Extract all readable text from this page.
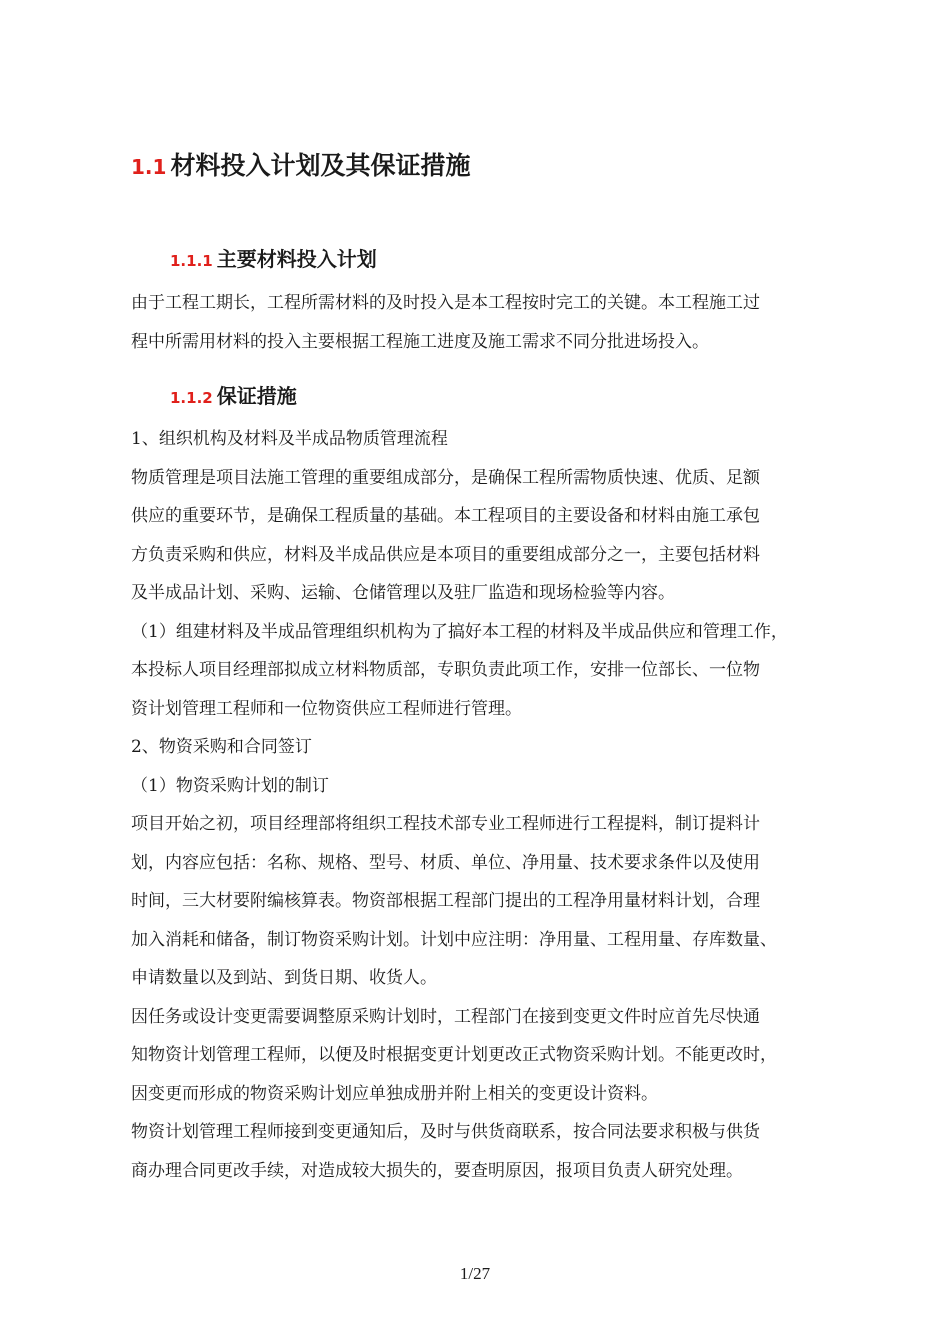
1.1 材料投入计划及其保证措施
1.1.1 主要材料投入计划
由于工程工期长，工程所需材料的及时投入是本工程按时完工的关键。本工程施工过
程中所需用材料的投入主要根据工程施工进度及施工需求不同分批进场投入。
1.1.2 保证措施
1、组织机构及材料及半成品物质管理流程
物质管理是项目法施工管理的重要组成部分，是确保工程所需物质快速、优质、足额
供应的重要环节，是确保工程质量的基础。本工程项目的主要设备和材料由施工承包
方负责采购和供应，材料及半成品供应是本项目的重要组成部分之一，主要包括材料
及半成品计划、采购、运输、仓储管理以及驻厂监造和现场检验等内容。
（1）组建材料及半成品管理组织机构为了搞好本工程的材料及半成品供应和管理工作，
本投标人项目经理部拟成立材料物质部，专职负责此项工作，安排一位部长、一位物
资计划管理工程师和一位物资供应工程师进行管理。
2、物资采购和合同签订
（1）物资采购计划的制订
项目开始之初，项目经理部将组织工程技术部专业工程师进行工程提料，制订提料计
划，内容应包括：名称、规格、型号、材质、单位、净用量、技术要求条件以及使用
时间，三大材要附编核算表。物资部根据工程部门提出的工程净用量材料计划，合理
加入消耗和储备，制订物资采购计划。计划中应注明：净用量、工程用量、存库数量、
申请数量以及到站、到货日期、收货人。
因任务或设计变更需要调整原采购计划时，工程部门在接到变更文件时应首先尽快通
知物资计划管理工程师，以便及时根据变更计划更改正式物资采购计划。不能更改时，
因变更而形成的物资采购计划应单独成册并附上相关的变更设计资料。
物资计划管理工程师接到变更通知后，及时与供货商联系，按合同法要求积极与供货
商办理合同更改手续，对造成较大损失的，要查明原因，报项目负责人研究处理。
1/27
